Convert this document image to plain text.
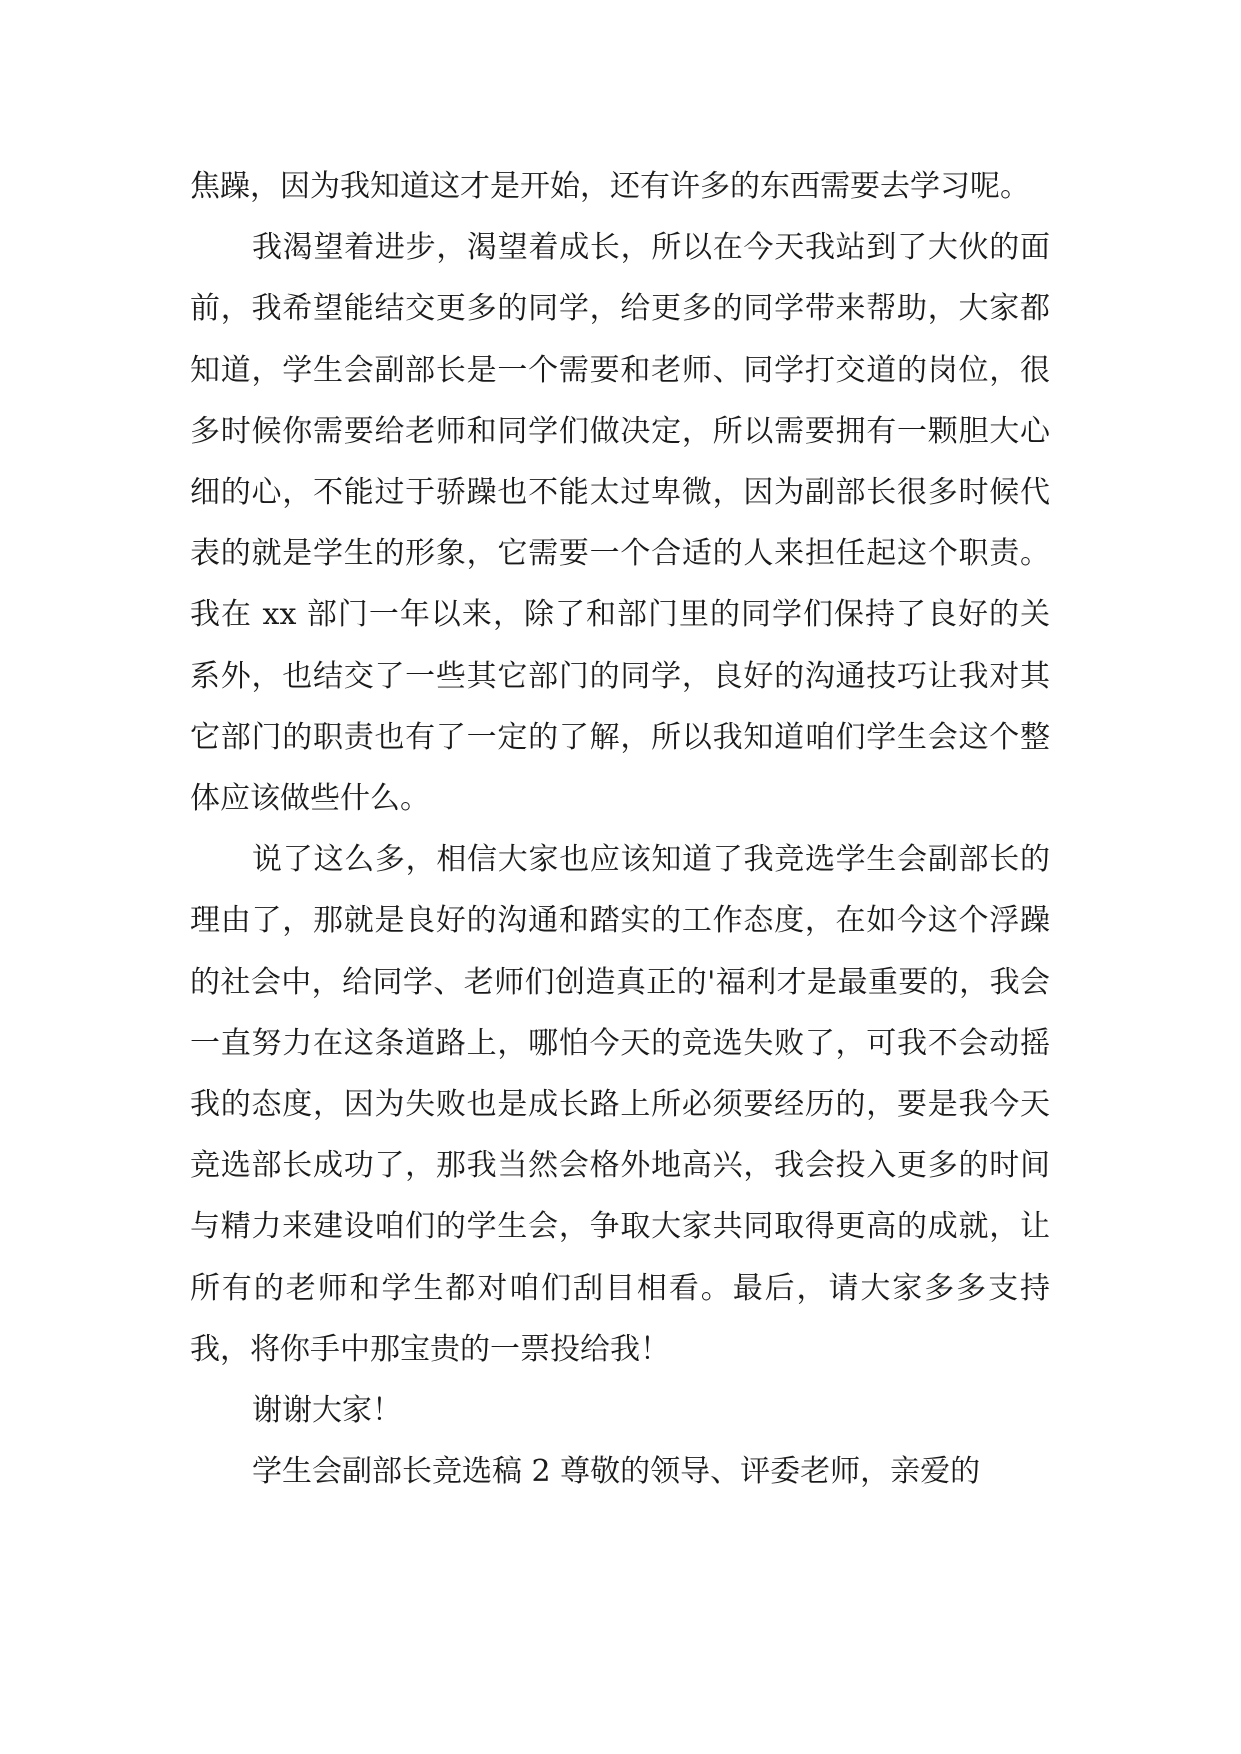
焦躁，因为我知道这才是开始，还有许多的东西需要去学习呢。

我渴望着进步，渴望着成长，所以在今天我站到了大伙的面前，我希望能结交更多的同学，给更多的同学带来帮助，大家都知道，学生会副部长是一个需要和老师、同学打交道的岗位，很多时候你需要给老师和同学们做决定，所以需要拥有一颗胆大心细的心，不能过于骄躁也不能太过卑微，因为副部长很多时候代表的就是学生的形象，它需要一个合适的人来担任起这个职责。我在 xx 部门一年以来，除了和部门里的同学们保持了良好的关系外，也结交了一些其它部门的同学，良好的沟通技巧让我对其它部门的职责也有了一定的了解，所以我知道咱们学生会这个整体应该做些什么。

说了这么多，相信大家也应该知道了我竞选学生会副部长的理由了，那就是良好的沟通和踏实的工作态度，在如今这个浮躁的社会中，给同学、老师们创造真正的'福利才是最重要的，我会一直努力在这条道路上，哪怕今天的竞选失败了，可我不会动摇我的态度，因为失败也是成长路上所必须要经历的，要是我今天竞选部长成功了，那我当然会格外地高兴，我会投入更多的时间与精力来建设咱们的学生会，争取大家共同取得更高的成就，让所有的老师和学生都对咱们刮目相看。最后，请大家多多支持我，将你手中那宝贵的一票投给我！

谢谢大家！

学生会副部长竞选稿 2 尊敬的领导、评委老师，亲爱的
